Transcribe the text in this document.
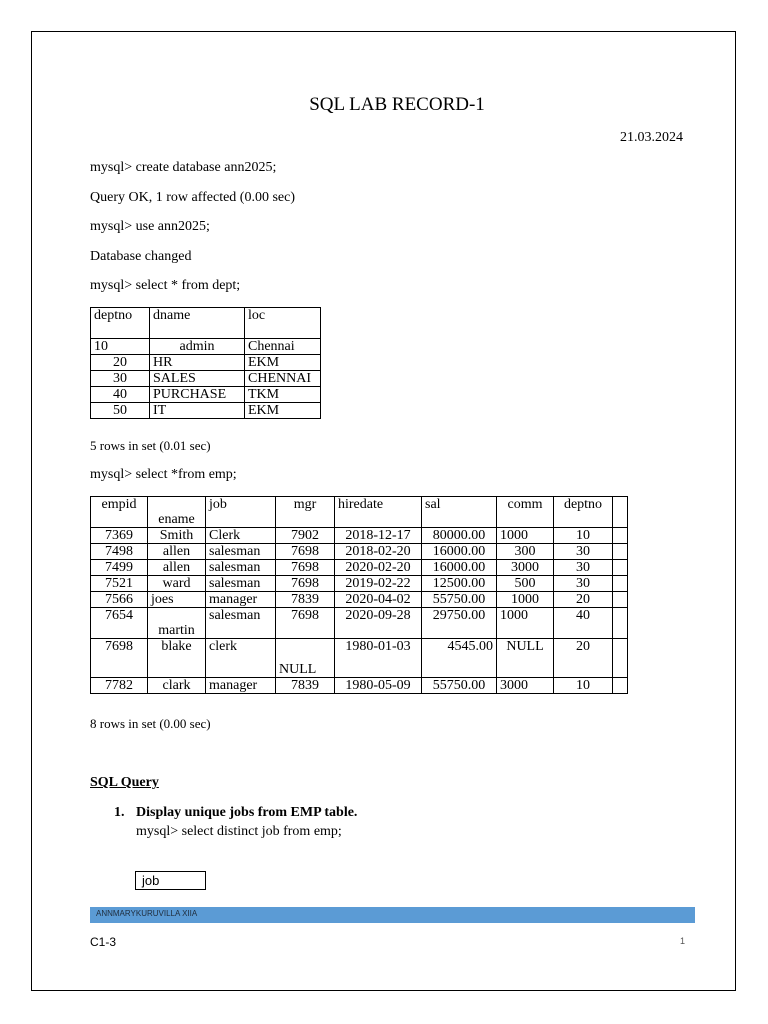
SQL LAB RECORD-1
21.03.2024
mysql> create database ann2025;
Query OK, 1 row affected (0.00 sec)
mysql> use ann2025;
Database changed
mysql> select * from dept;
deptno	dname	loc
10	admin	Chennai
20	HR	EKM
30	SALES	CHENNAI
40	PURCHASE	TKM
50	IT	EKM
5 rows in set (0.01 sec)
mysql> select *from emp;
empid	ename	job	mgr	hiredate	sal	comm	deptno	
7369	Smith	Clerk	7902	2018-12-17	80000.00	1000	10	
7498	allen	salesman	7698	2018-02-20	16000.00	300	30	
7499	allen	salesman	7698	2020-02-20	16000.00	3000	30	
7521	ward	salesman	7698	2019-02-22	12500.00	500	30	
7566	joes	manager	7839	2020-04-02	55750.00	1000	20	
7654	martin	salesman	7698	2020-09-28	29750.00	1000	40	
7698	blake	clerk	NULL	1980-01-03	4545.00	NULL	20	
7782	clark	manager	7839	1980-05-09	55750.00	3000	10	
8 rows in set (0.00 sec)
SQL Query
1. Display unique jobs from EMP table.
mysql> select distinct job from emp;
job
ANNMARYKURUVILLA XIIA
C1-3	1
